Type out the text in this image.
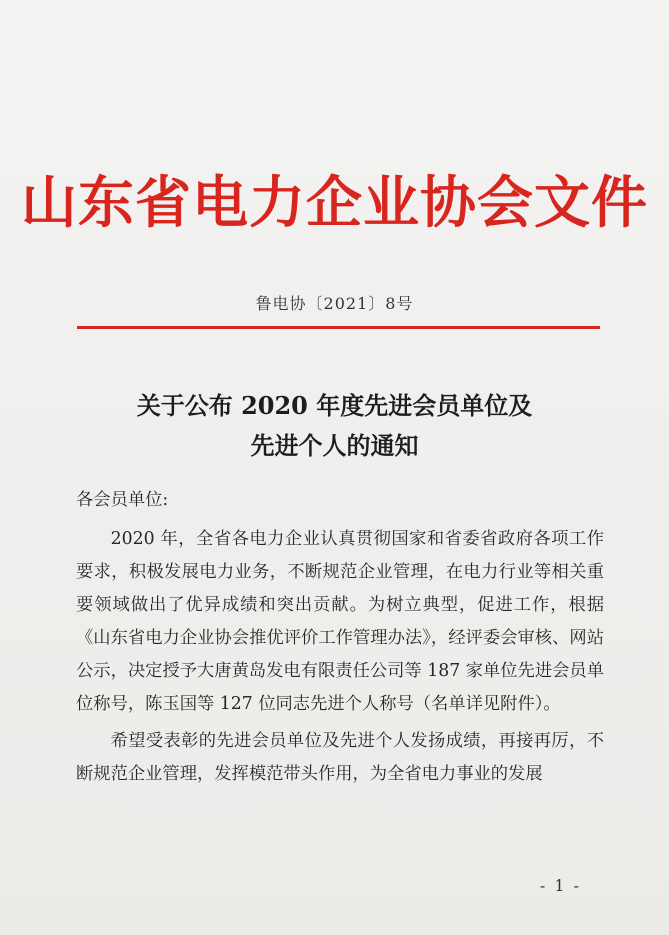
山东省电力企业协会文件
鲁电协〔2021〕8号
关于公布 2020 年度先进会员单位及
先进个人的通知

各会员单位:

2020 年，全省各电力企业认真贯彻国家和省委省政府各项工作要求，积极发展电力业务，不断规范企业管理，在电力行业等相关重要领域做出了优异成绩和突出贡献。为树立典型，促进工作，根据《山东省电力企业协会推优评价工作管理办法》，经评委会审核、网站公示，决定授予大唐黄岛发电有限责任公司等 187 家单位先进会员单位称号，陈玉国等 127 位同志先进个人称号（名单详见附件）。

希望受表彰的先进会员单位及先进个人发扬成绩，再接再厉，不断规范企业管理，发挥模范带头作用，为全省电力事业的发展

- 1 -
